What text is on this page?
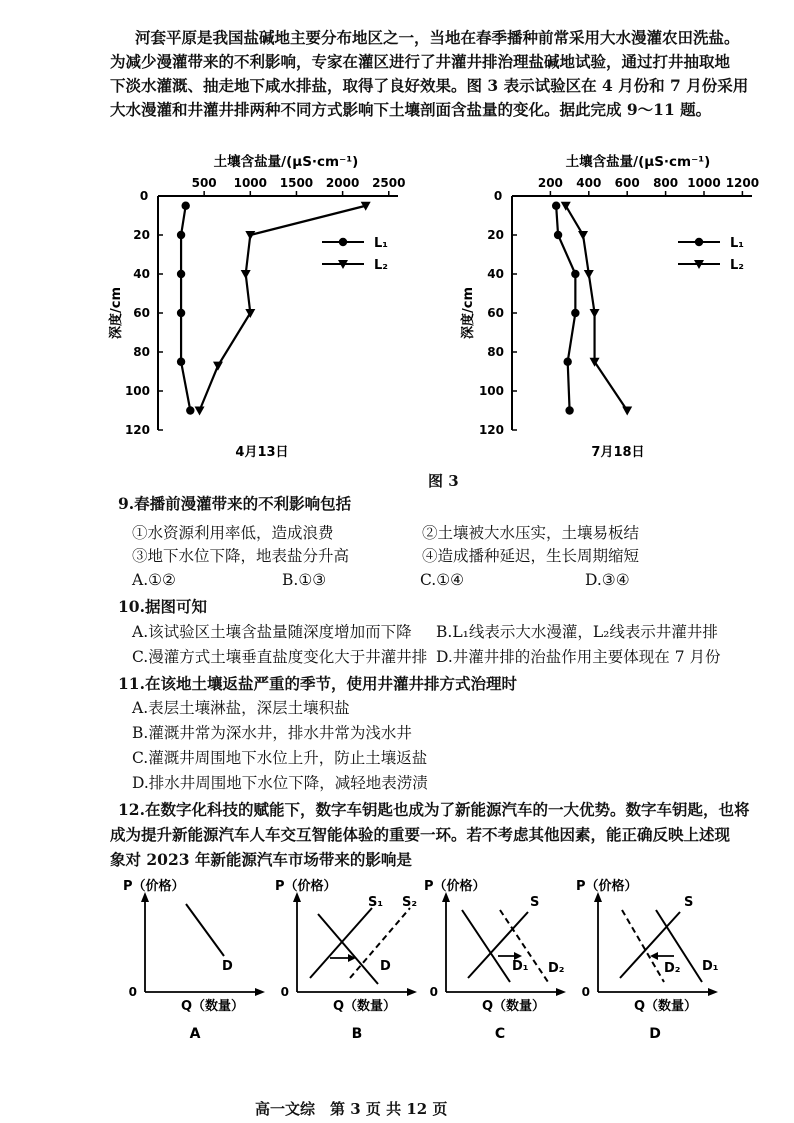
　　河套平原是我国盐碱地主要分布地区之一，当地在春季播种前常采用大水漫灌农田洗盐。
为减少漫灌带来的不利影响，专家在灌区进行了井灌井排治理盐碱地试验，通过打井抽取地
下淡水灌溉、抽走地下咸水排盐，取得了良好效果。图 3 表示试验区在 4 月份和 7 月份采用
大水漫灌和井灌井排两种不同方式影响下土壤剖面含盐量的变化。据此完成 9～11 题。
0
500 1000 1500 2000 2500
20
40
60
80
100
120
土壤含盐量/(μS·cm⁻¹)
深度/cm
4月13日
L₁
L₂
0
200 400 600 800 1000 1200
20
40
60
80
100
120
土壤含盐量/(μS·cm⁻¹)
深度/cm
7月18日
L₁
L₂
图 3
9.春播前漫灌带来的不利影响包括
①水资源利用率低，造成浪费	②土壤被大水压实，土壤易板结
③地下水位下降，地表盐分升高	④造成播种延迟，生长周期缩短
A.①②	B.①③	C.①④	D.③④
10.据图可知
A.该试验区土壤含盐量随深度增加而下降 B.L₁线表示大水漫灌，L₂线表示井灌井排
C.漫灌方式土壤垂直盐度变化大于井灌井排 D.井灌井排的治盐作用主要体现在 7 月份
11.在该地土壤返盐严重的季节，使用井灌井排方式治理时
A.表层土壤淋盐，深层土壤积盐
B.灌溉井常为深水井，排水井常为浅水井
C.灌溉井周围地下水位上升，防止土壤返盐
D.排水井周围地下水位下降，减轻地表涝渍
12.在数字化科技的赋能下，数字车钥匙也成为了新能源汽车的一大优势。数字车钥匙，也将
成为提升新能源汽车人车交互智能体验的重要一环。若不考虑其他因素，能正确反映上述现
象对 2023 年新能源汽车市场带来的影响是
P（价格）
Q（数量）
0
D
A
P（价格）
Q（数量）
0
S₁ S₂
D
B
P（价格）
Q（数量）
0
S
D₁ D₂
C
P（价格）
Q（数量）
0
S
D₂ D₁
D
高一文综　第 3 页 共 12 页
